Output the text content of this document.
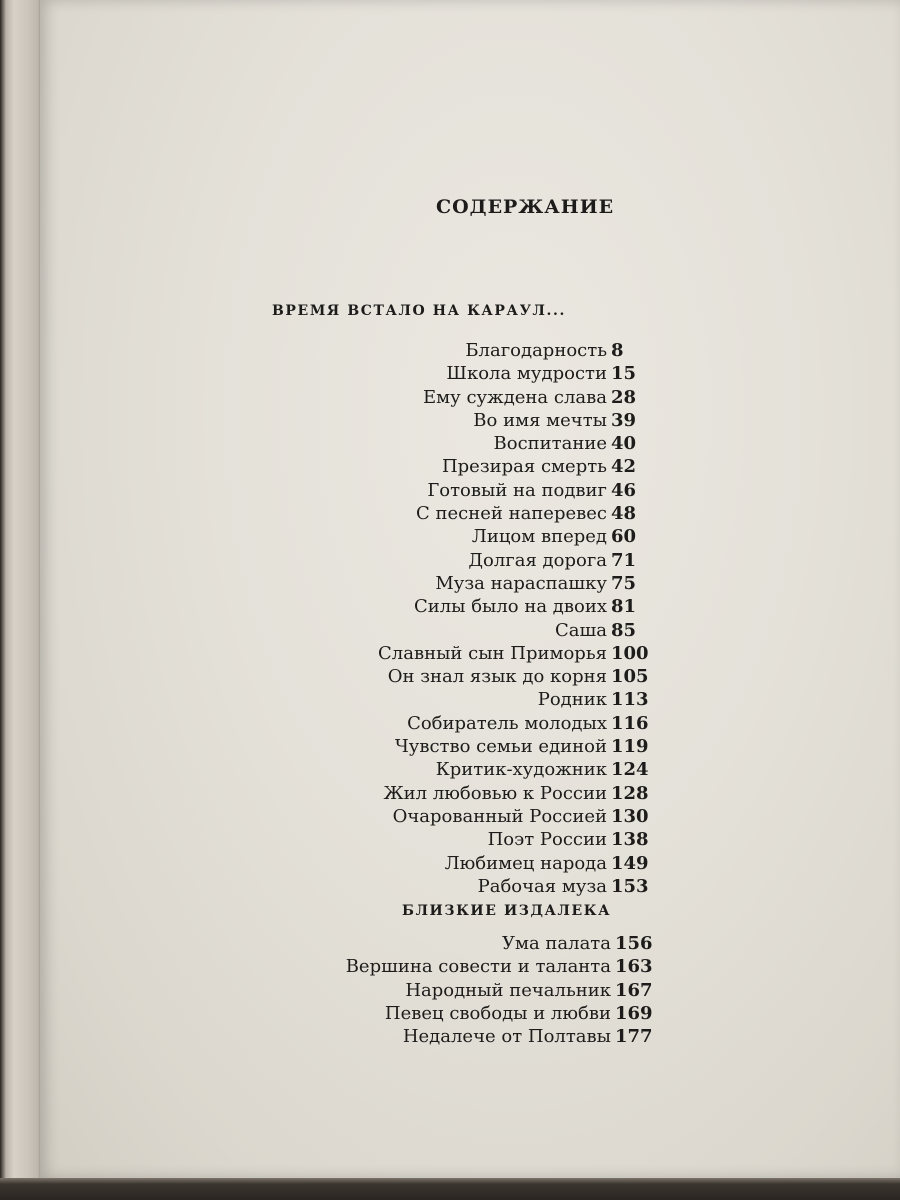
СОДЕРЖАНИЕ
ВРЕМЯ ВСТАЛО НА КАРАУЛ...
Благодарность 8
Школа мудрости 15
Ему суждена слава 28
Во имя мечты 39
Воспитание 40
Презирая смерть 42
Готовый на подвиг 46
С песней наперевес 48
Лицом вперед 60
Долгая дорога 71
Муза нараспашку 75
Силы было на двоих 81
Саша 85
Славный сын Приморья 100
Он знал язык до корня 105
Родник 113
Собиратель молодых 116
Чувство семьи единой 119
Критик-художник 124
Жил любовью к России 128
Очарованный Россией 130
Поэт России 138
Любимец народа 149
Рабочая муза 153
БЛИЗКИЕ ИЗДАЛЕКА
Ума палата 156
Вершина совести и таланта 163
Народный печальник 167
Певец свободы и любви 169
Недалече от Полтавы 177
